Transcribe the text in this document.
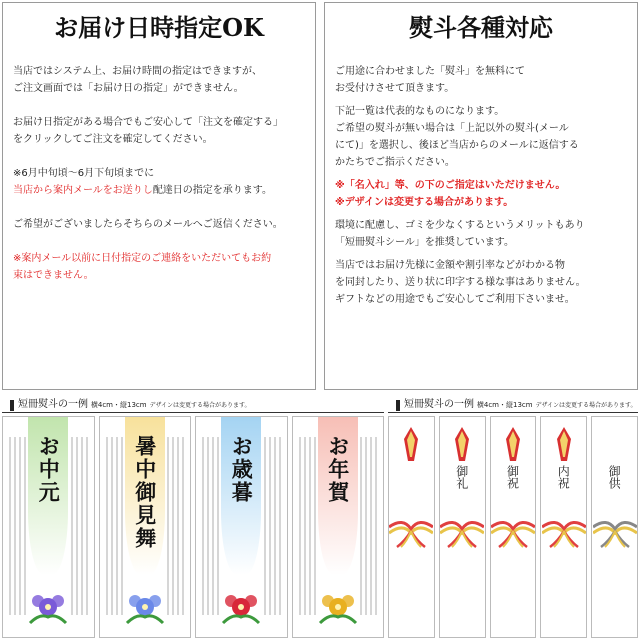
お届け日時指定OK

当店ではシステム上、お届け時間の指定はできますが、
ご注文画面では「お届け日の指定」ができません。

お届け日指定がある場合でもご安心して「注文を確定する」
をクリックしてご注文を確定してください。

※6月中旬頃～6月下旬頃までに
当店から案内メールをお送りし配達日の指定を承ります。

ご希望がございましたらそちらのメールへご返信ください。

※案内メール以前に日付指定のご連絡をいただいてもお約
束はできません。

熨斗各種対応

ご用途に合わせました「熨斗」を無料にて
お受付けさせて頂きます。

下記一覧は代表的なものになります。
ご希望の熨斗が無い場合は「上記以外の熨斗(メール
にて)」を選択し、後ほど当店からのメールに返信する
かたちでご指示ください。

※「名入れ」等、の下のご指定はいただけません。
※デザインは変更する場合があります。

環境に配慮し、ゴミを少なくするというメリットもあり
「短冊熨斗シール」を推奨しています。

当店ではお届け先様に金額や割引率などがわかる物
を同封したり、送り状に印字する様な事はありません。
ギフトなどの用途でもご安心してご利用下さいませ。

短冊熨斗の一例 横4cm・縦13cm デザインは変更する場合があります。
お中元	暑中御見舞	お歳暮	お年賀
短冊熨斗の一例 横4cm・縦13cm デザインは変更する場合があります。
御礼	御祝	内祝	御供
